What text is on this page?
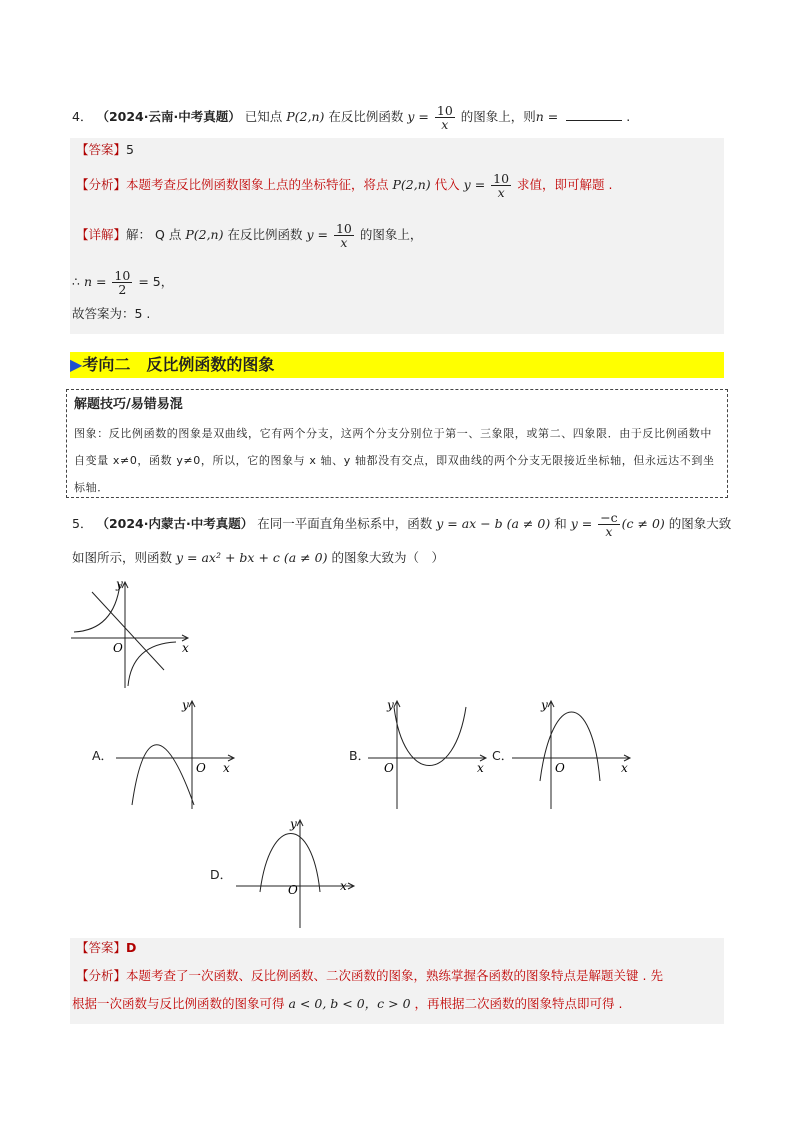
4． （2024·云南·中考真题） 已知点 P(2,n) 在反比例函数 $y = \frac{10}{x}$ 的图象上，则n =	.
【答案】5
【分析】本题考查反比例函数图象上点的坐标特征，将点 P(2,n) 代入 $y = \frac{10}{x}$ 求值，即可解题 .
【详解】解： Q 点 P(2,n) 在反比例函数 $y = \frac{10}{x}$ 的图象上，
∴ $n = \frac{10}{2} = 5$，
故答案为：5 .
▶考向二　反比例函数的图象
解题技巧/易错易混
图象：反比例函数的图象是双曲线，它有两个分支，这两个分支分别位于第一、三象限，或第二、四象限．由于反比例函数中自变量 x≠0，函数 y≠0，所以，它的图象与 x 轴、y 轴都没有交点，即双曲线的两个分支无限接近坐标轴，但永远达不到坐标轴．
5． （2024·内蒙古·中考真题） 在同一平面直角坐标系中，函数 y = ax − b (a ≠ 0) 和 $y = \frac{-c}{x} (c \ne 0)$ 的图象大致
如图所示，则函数 y = ax² + bx + c (a ≠ 0) 的图象大致为（　）
y
x
O
A．
y
x
O
B．
y
x
O
C．
y
x
O
D．
y
x
O
【答案】D
【分析】本题考查了一次函数、反比例函数、二次函数的图象，熟练掌握各函数的图象特点是解题关键 . 先
根据一次函数与反比例函数的图象可得 a < 0, b < 0，c > 0 ，再根据二次函数的图象特点即可得 .
